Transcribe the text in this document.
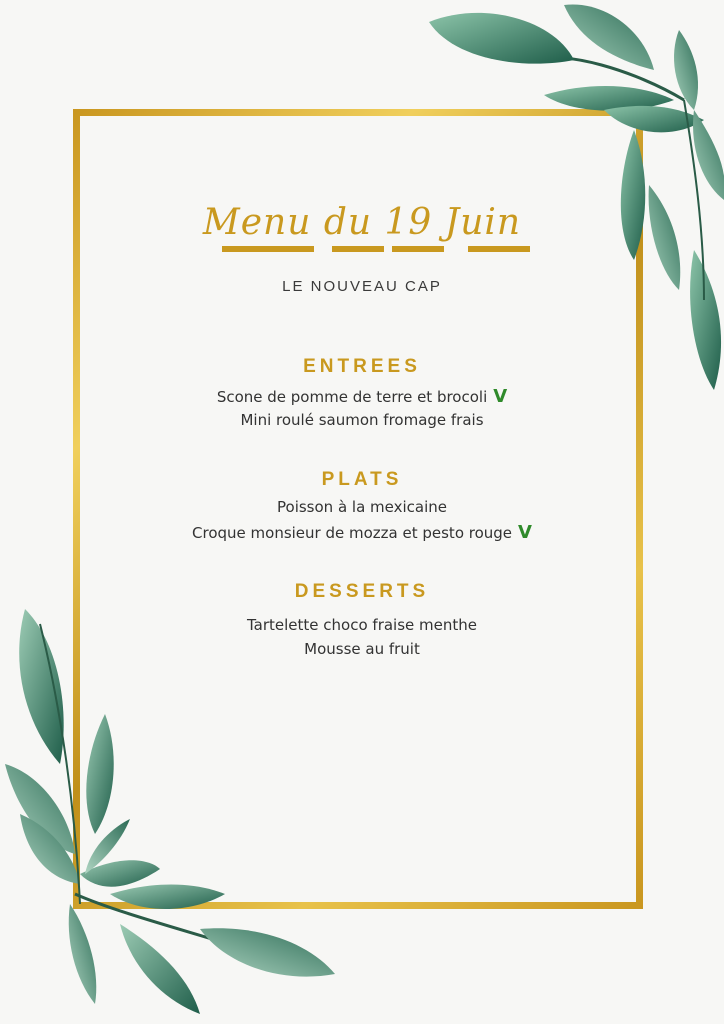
Menu du 19 Juin
LE NOUVEAU CAP
ENTREES
Scone de pomme de terre et brocoli V
Mini roulé saumon fromage frais
PLATS
Poisson à la mexicaine
Croque monsieur de mozza et pesto rouge V
DESSERTS
Tartelette choco fraise menthe
Mousse au fruit
